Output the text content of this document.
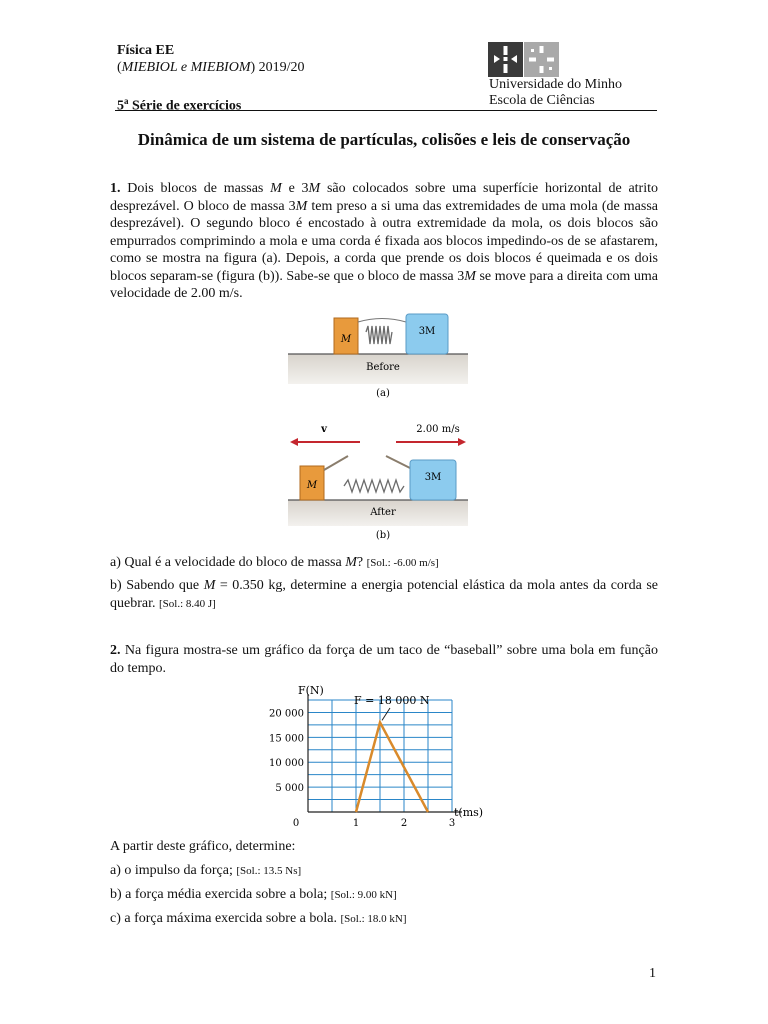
Física EE
(MIEBIOL e MIEBIOM) 2019/20
5$^a$ Série de exercícios
Universidade do Minho
Escola de Ciências
Dinâmica de um sistema de partículas, colisões e leis de conservação
1. Dois blocos de massas M e 3M são colocados sobre uma superfície horizontal de atrito desprezável. O bloco de massa 3M tem preso a si uma das extremidades de uma mola (de massa desprezável). O segundo bloco é encostado à outra extremidade da mola, os dois blocos são empurrados comprimindo a mola e uma corda é fixada aos blocos impedindo-os de se afastarem, como se mostra na figura (a). Depois, a corda que prende os dois blocos é queimada e os dois blocos separam-se (figura (b)). Sabe-se que o bloco de massa 3M se move para a direita com uma velocidade de 2.00 m/s.
M
3M
Before
(a)
v	2.00 m/s
M
3M
After
(b)
a) Qual é a velocidade do bloco de massa M? [Sol.: -6.00 m/s]
b) Sabendo que M = 0.350 kg, determine a energia potencial elástica da mola antes da corda se quebrar. [Sol.: 8.40 J]
2. Na figura mostra-se um gráfico da força de um taco de “baseball” sobre uma bola em função do tempo.
5 000
10 000
15 000
20 000
0	1	2	3
F(N)
t(ms)
F = 18 000 N
A partir deste gráfico, determine:
a) o impulso da força; [Sol.: 13.5 Ns]
b) a força média exercida sobre a bola; [Sol.: 9.00 kN]
c) a força máxima exercida sobre a bola. [Sol.: 18.0 kN]
1
